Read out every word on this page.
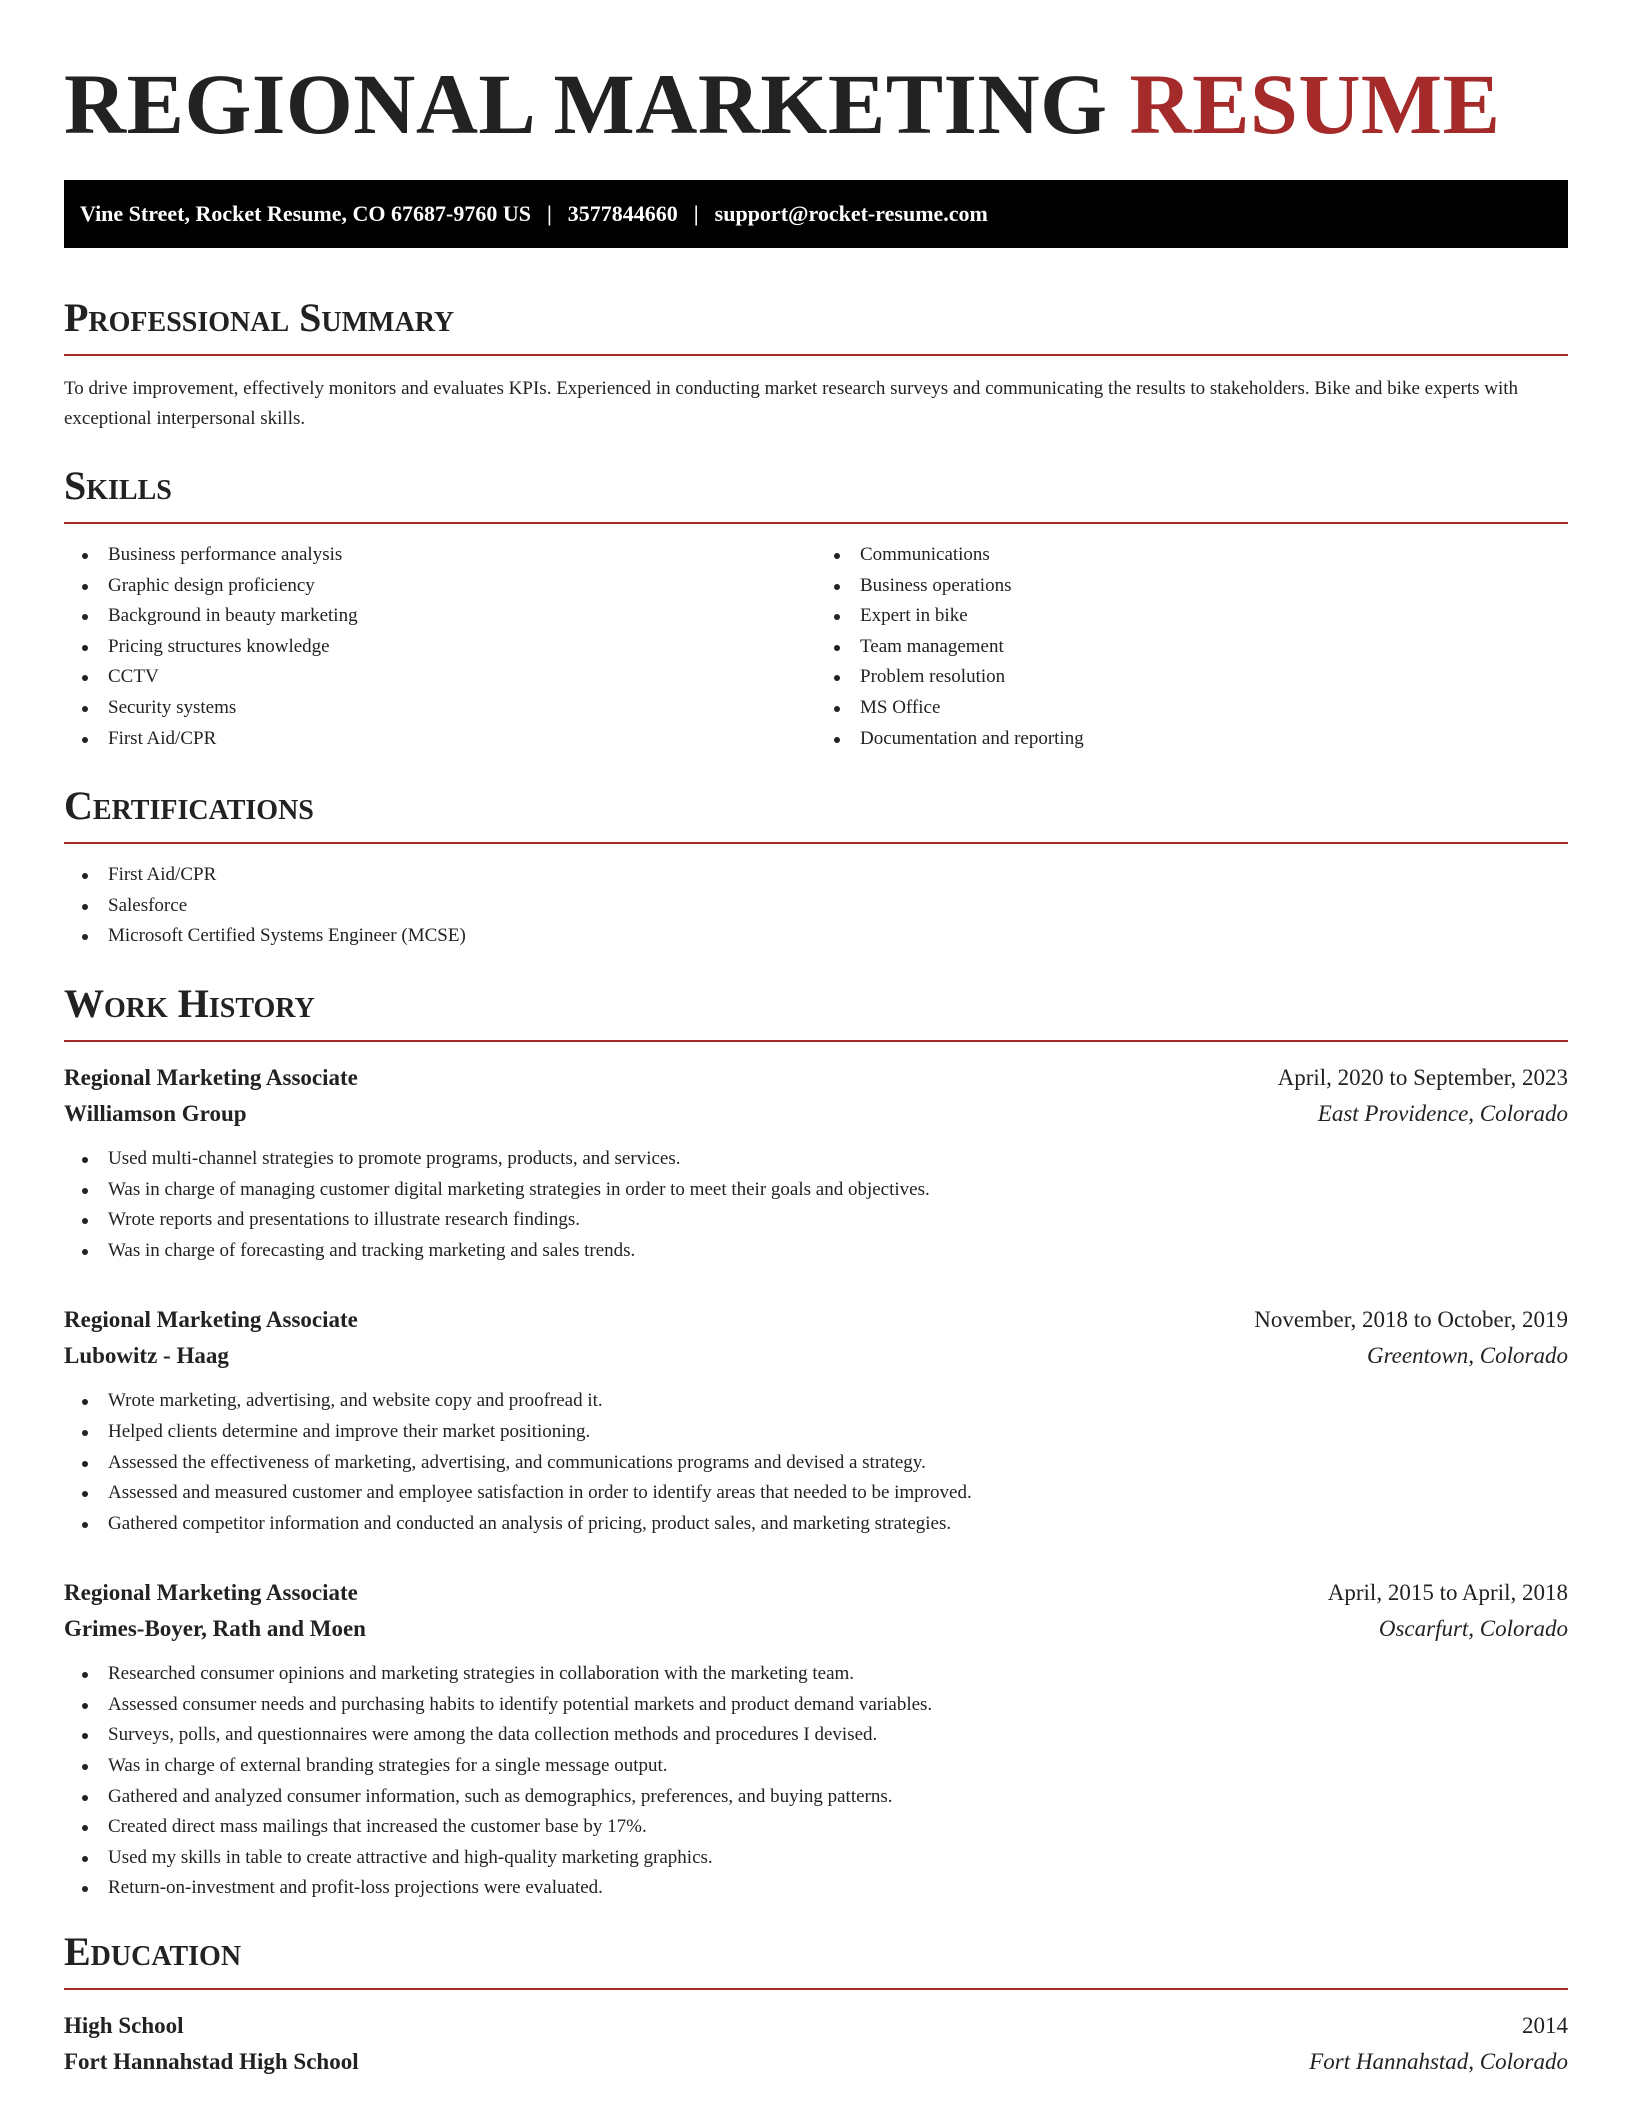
REGIONAL MARKETING RESUME
Vine Street, Rocket Resume, CO 67687-9760 US | 3577844660 | support@rocket-resume.com
Professional Summary

To drive improvement, effectively monitors and evaluates KPIs. Experienced in conducting market research surveys and communicating the results to stakeholders. Bike and bike experts with exceptional interpersonal skills.

Skills
Business performance analysis
Graphic design proficiency
Background in beauty marketing
Pricing structures knowledge
CCTV
Security systems
First Aid/CPR
Communications
Business operations
Expert in bike
Team management
Problem resolution
MS Office
Documentation and reporting
Certifications
First Aid/CPR
Salesforce
Microsoft Certified Systems Engineer (MCSE)
Work History
Regional Marketing Associate	April, 2020 to September, 2023
Williamson Group	East Providence, Colorado
Used multi-channel strategies to promote programs, products, and services.
Was in charge of managing customer digital marketing strategies in order to meet their goals and objectives.
Wrote reports and presentations to illustrate research findings.
Was in charge of forecasting and tracking marketing and sales trends.
Regional Marketing Associate	November, 2018 to October, 2019
Lubowitz - Haag	Greentown, Colorado
Wrote marketing, advertising, and website copy and proofread it.
Helped clients determine and improve their market positioning.
Assessed the effectiveness of marketing, advertising, and communications programs and devised a strategy.
Assessed and measured customer and employee satisfaction in order to identify areas that needed to be improved.
Gathered competitor information and conducted an analysis of pricing, product sales, and marketing strategies.
Regional Marketing Associate	April, 2015 to April, 2018
Grimes-Boyer, Rath and Moen	Oscarfurt, Colorado
Researched consumer opinions and marketing strategies in collaboration with the marketing team.
Assessed consumer needs and purchasing habits to identify potential markets and product demand variables.
Surveys, polls, and questionnaires were among the data collection methods and procedures I devised.
Was in charge of external branding strategies for a single message output.
Gathered and analyzed consumer information, such as demographics, preferences, and buying patterns.
Created direct mass mailings that increased the customer base by 17%.
Used my skills in table to create attractive and high-quality marketing graphics.
Return-on-investment and profit-loss projections were evaluated.
Education
High School	2014
Fort Hannahstad High School	Fort Hannahstad, Colorado
